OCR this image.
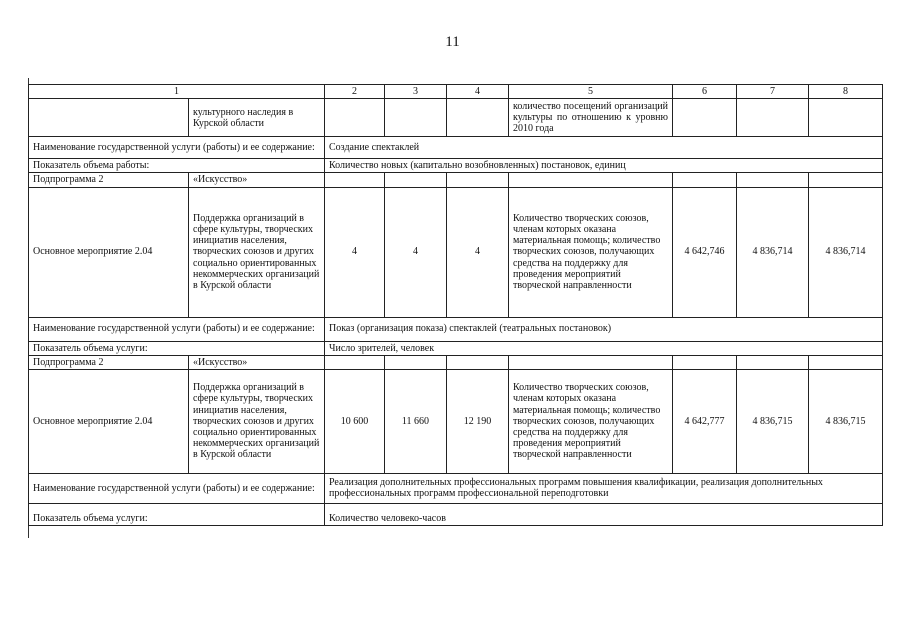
11
1		2	3	4	5	6	7	8
	культурного наследия в Курской области				количество посещений организаций культуры по отношению к уровню 2010 года			
Наименование государственной услуги (работы) и ее содержание:		Создание спектаклей						
Показатель объема работы:		Количество новых (капитально возобновленных) постановок, единиц						
Подпрограмма 2	«Искусство»							
Основное мероприятие 2.04	Поддержка организаций в сфере культуры, творческих инициатив населения, творческих союзов и других социально ориентированных некоммерческих организаций в Курской области	4	4	4	Количество творческих союзов, членам которых оказана материальная помощь; количество творческих союзов, получающих средства на поддержку для проведения мероприятий творческой направленности	4 642,746	4 836,714	4 836,714
Наименование государственной услуги (работы) и ее содержание:		Показ (организация показа) спектаклей (театральных постановок)						
Показатель объема услуги:		Число зрителей, человек						
Подпрограмма 2	«Искусство»							
Основное мероприятие 2.04	Поддержка организаций в сфере культуры, творческих инициатив населения, творческих союзов и других социально ориентированных некоммерческих организаций в Курской области	10 600	11 660	12 190	Количество творческих союзов, членам которых оказана материальная помощь; количество творческих союзов, получающих средства на поддержку для проведения мероприятий творческой направленности	4 642,777	4 836,715	4 836,715
Наименование государственной услуги (работы) и ее содержание:		Реализация дополнительных профессиональных программ повышения квалификации, реализация дополнительных профессиональных программ профессиональной переподготовки						

Показатель объема услуги:		Количество человеко-часов						
